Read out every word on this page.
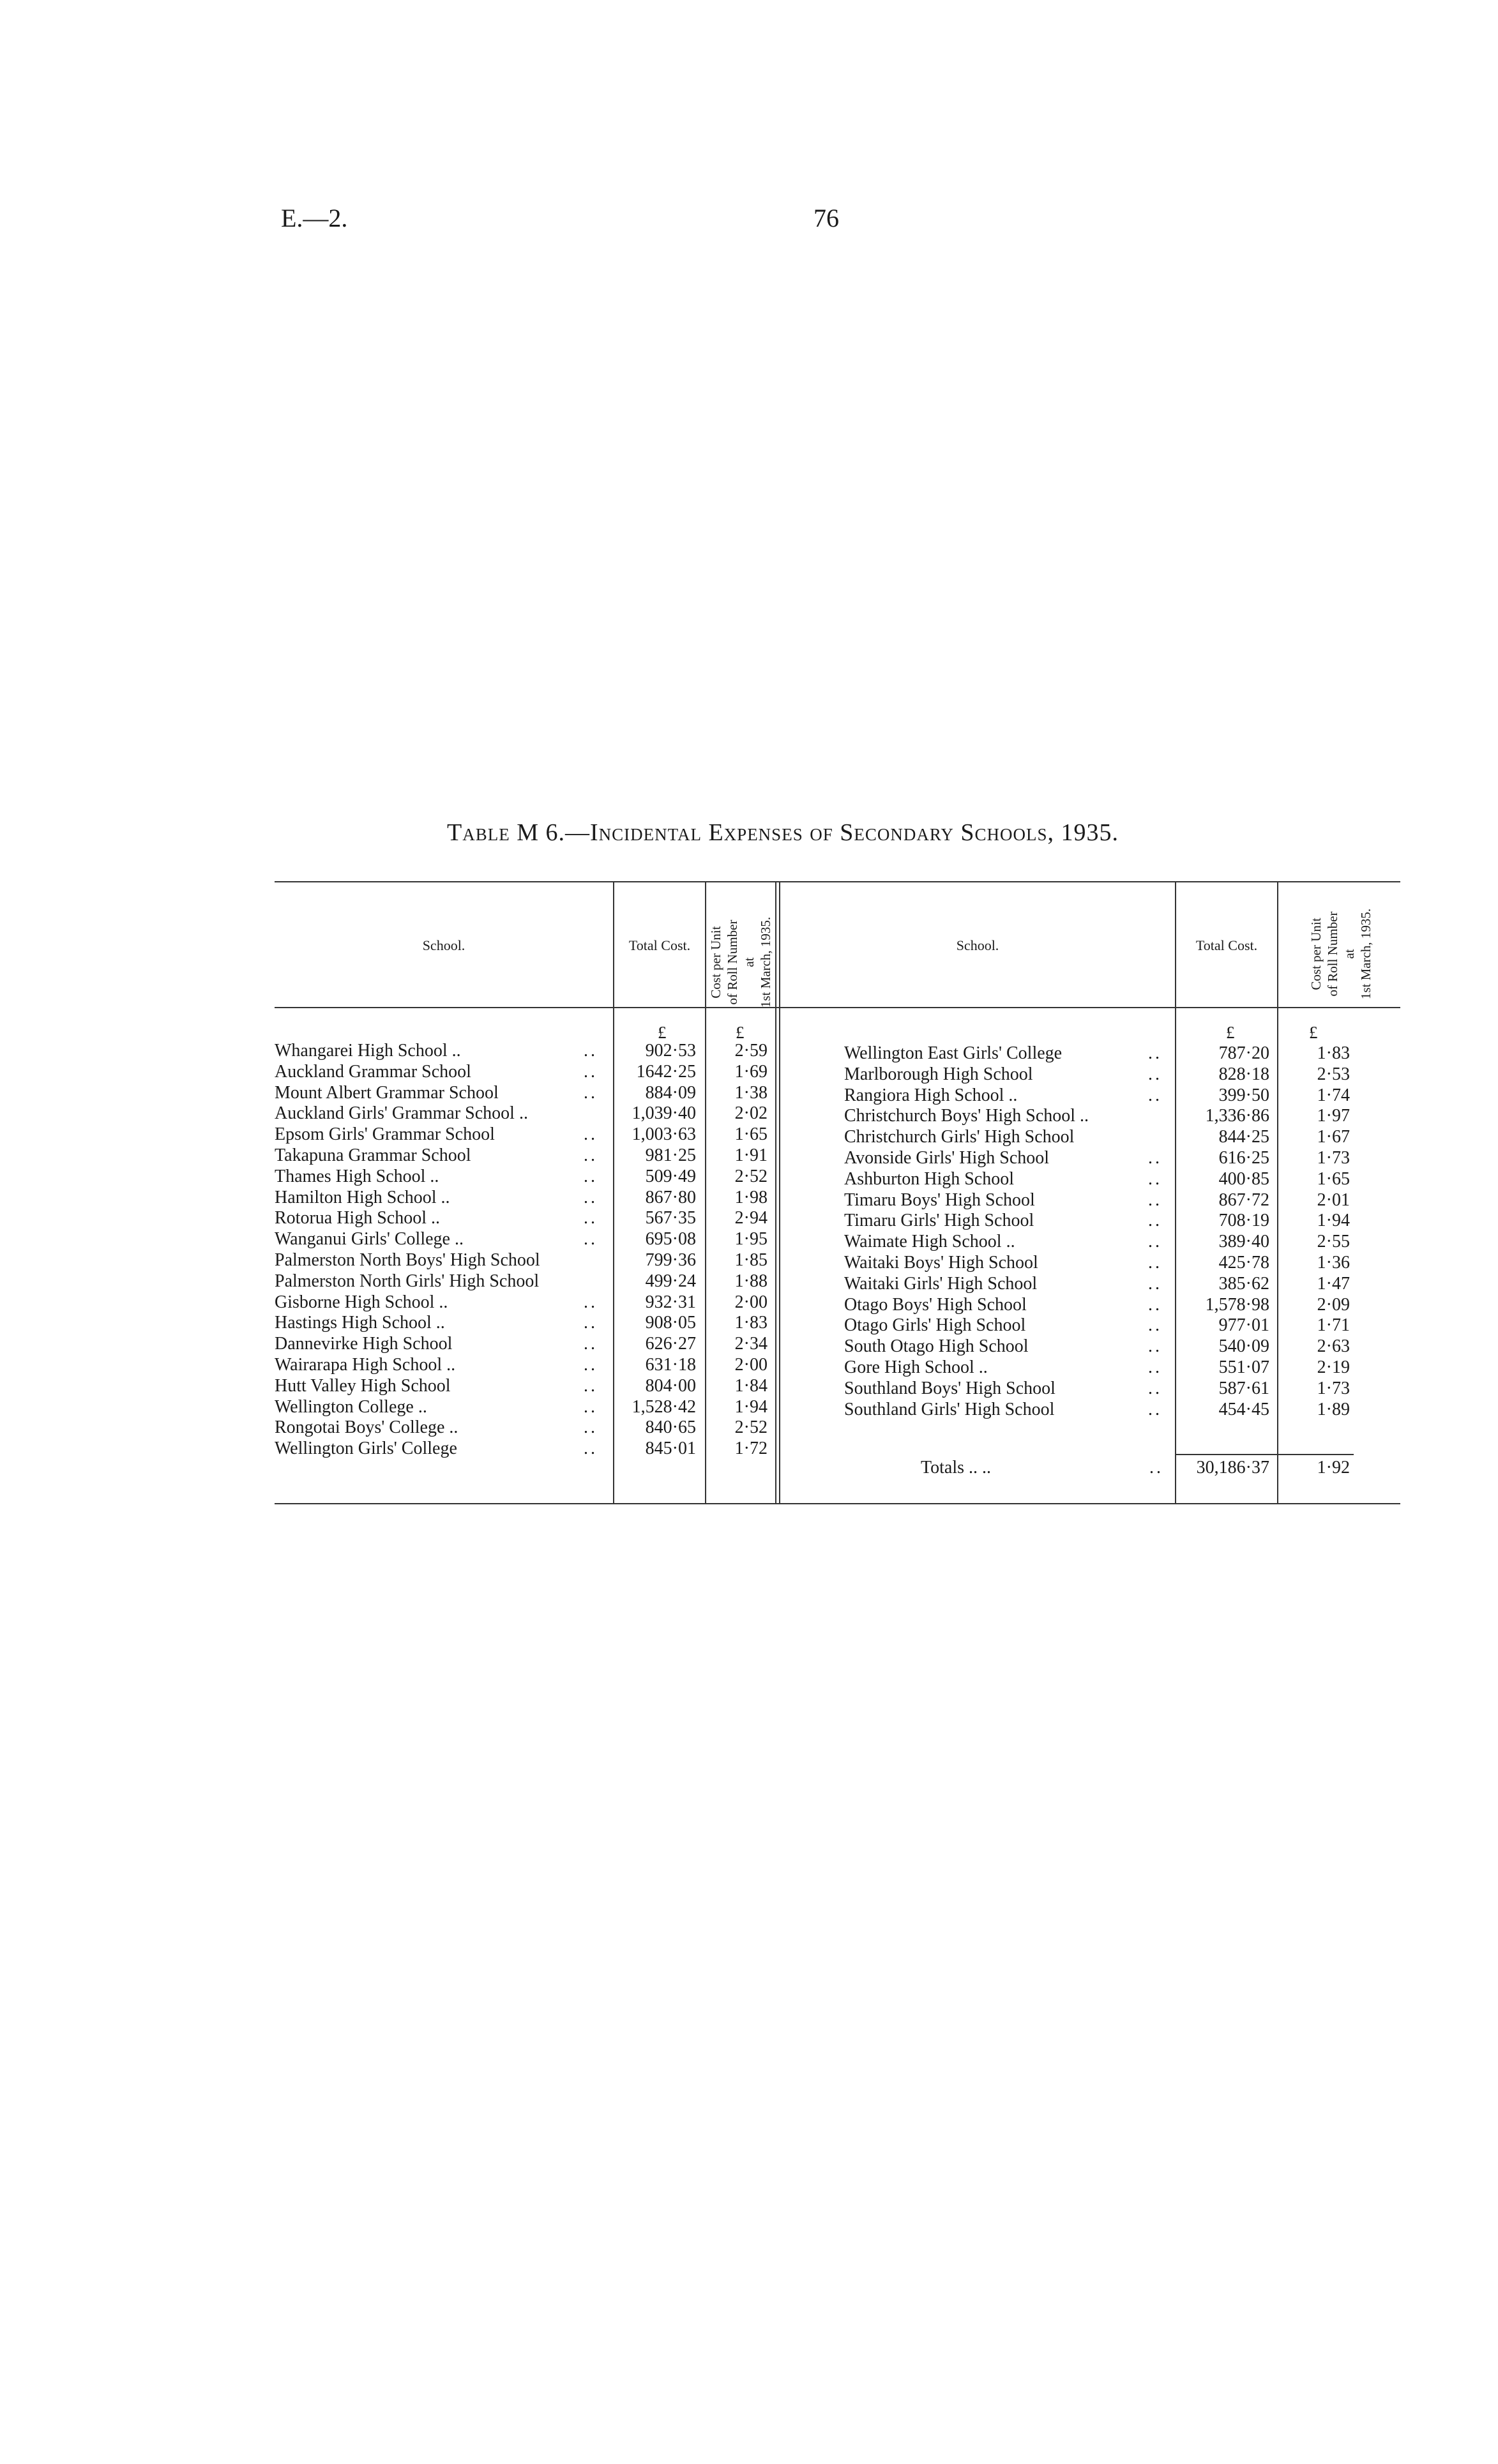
E.—2.	76
Table M 6.—Incidental Expenses of Secondary Schools, 1935.
School.	Total Cost.	Cost per Unit of Roll Number at 1st March, 1935.	School.	Total Cost.	Cost per Unit of Roll Number at 1st March, 1935.
£	£	£	£
Whangarei High School ..	..	902·53	2·59
Auckland Grammar School	..	1642·25	1·69
Mount Albert Grammar School	..	884·09	1·38
Auckland Girls' Grammar School ..	1,039·40	2·02
Epsom Girls' Grammar School	..	1,003·63	1·65
Takapuna Grammar School	..	981·25	1·91
Thames High School ..	..	509·49	2·52
Hamilton High School ..	..	867·80	1·98
Rotorua High School ..	..	567·35	2·94
Wanganui Girls' College ..	..	695·08	1·95
Palmerston North Boys' High School	799·36	1·85
Palmerston North Girls' High School	499·24	1·88
Gisborne High School ..	..	932·31	2·00
Hastings High School ..	..	908·05	1·83
Dannevirke High School	..	626·27	2·34
Wairarapa High School ..	..	631·18	2·00
Hutt Valley High School	..	804·00	1·84
Wellington College ..	..	1,528·42	1·94
Rongotai Boys' College ..	..	840·65	2·52
Wellington Girls' College	..	845·01	1·72
Wellington East Girls' College	..	787·20	1·83
Marlborough High School	..	828·18	2·53
Rangiora High School ..	..	399·50	1·74
Christchurch Boys' High School ..	1,336·86	1·97
Christchurch Girls' High School	844·25	1·67
Avonside Girls' High School	..	616·25	1·73
Ashburton High School	..	400·85	1·65
Timaru Boys' High School	..	867·72	2·01
Timaru Girls' High School	..	708·19	1·94
Waimate High School ..	..	389·40	2·55
Waitaki Boys' High School	..	425·78	1·36
Waitaki Girls' High School	..	385·62	1·47
Otago Boys' High School	..	1,578·98	2·09
Otago Girls' High School	..	977·01	1·71
South Otago High School	..	540·09	2·63
Gore High School ..	..	551·07	2·19
Southland Boys' High School	..	587·61	1·73
Southland Girls' High School	..	454·45	1·89
Totals .. ..	..	30,186·37	1·92
